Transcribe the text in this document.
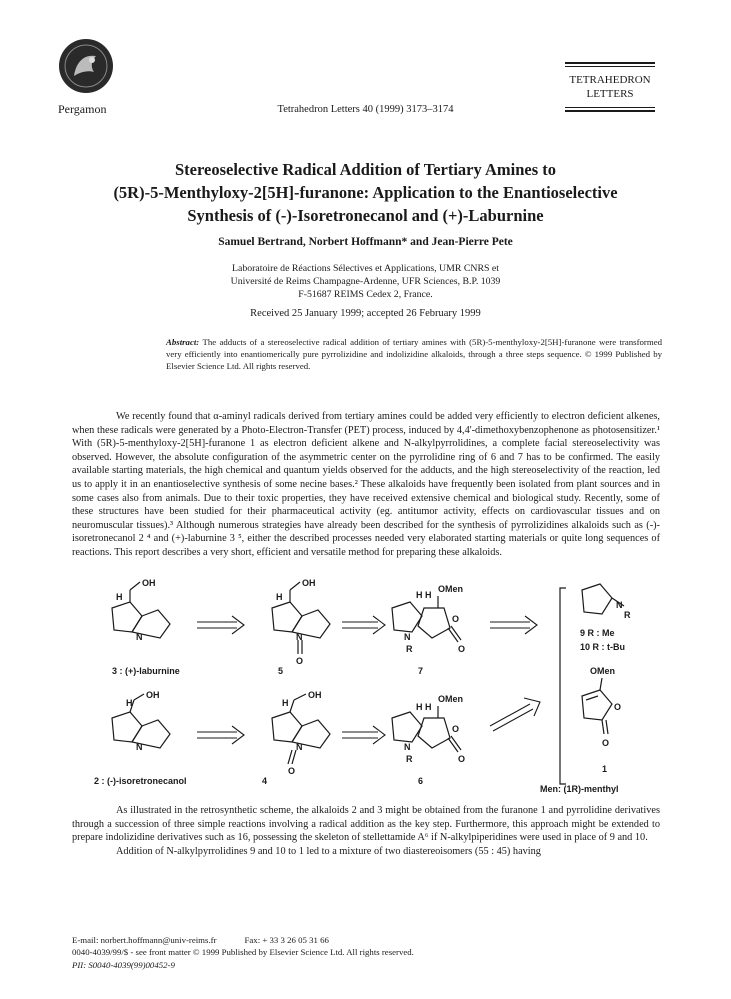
Pergamon	Tetrahedron Letters 40 (1999) 3173–3174
TETRAHEDRON
LETTERS
Stereoselective Radical Addition of Tertiary Amines to
(5R)-5-Menthyloxy-2[5H]-furanone: Application to the Enantioselective
Synthesis of (-)-Isoretronecanol and (+)-Laburnine
Samuel Bertrand, Norbert Hoffmann* and Jean-Pierre Pete
Laboratoire de Réactions Sélectives et Applications, UMR CNRS et
Université de Reims Champagne-Ardenne, UFR Sciences, B.P. 1039
F-51687 REIMS Cedex 2, France.
Received 25 January 1999; accepted 26 February 1999
Abstract: The adducts of a stereoselective radical addition of tertiary amines with (5R)-5-menthyloxy-2[5H]-furanone were transformed very efficiently into enantiomerically pure pyrrolizidine and indolizidine alkaloids, through a three steps sequence. © 1999 Published by Elsevier Science Ltd. All rights reserved.
We recently found that α-aminyl radicals derived from tertiary amines could be added very efficiently to electron deficient alkenes, when these radicals were generated by a Photo-Electron-Transfer (PET) process, induced by 4,4'-dimethoxybenzophenone as photosensitizer.¹ With (5R)-5-menthyloxy-2[5H]-furanone 1 as electron deficient alkene and N-alkylpyrrolidines, a complete facial stereoselectivity was observed. However, the absolute configuration of the asymmetric center on the pyrrolidine ring of 6 and 7 has to be confirmed. The easily available starting materials, the high chemical and quantum yields observed for the adducts, and the high stereoselectivity of the reaction, led us to apply it in an enantioselective synthesis of some necine bases.² These alkaloids have frequently been isolated from plant sources and in some cases also from animals. Due to their toxic properties, they have received extensive chemical and biological study. Recently, some of these structures have been studied for their pharmaceutical activity (eg. antitumor activity, effects on cardiovascular tissues and on neuromuscular tissues).³ Although numerous strategies have already been described for the synthesis of pyrrolizidines alkaloids such as (-)-isoretronecanol 2 ⁴ and (+)-laburnine 3 ⁵, either the described processes needed very elaborated starting materials or quite long sequences of reactions. This report describes a very short, efficient and versatile method for preparing these alkaloids.
OH
H
N
3 : (+)-laburnine
OH
H
N
2 : (-)-isoretronecanol
OH
H
N
O
5
OH
H
N
O
4
H H
OMen
N
R
O
O
7
H H
OMen
N
R
O
O
6
N
R
9 R : Me
10 R : t-Bu
OMen
O
O
1
Men: (1R)-menthyl
As illustrated in the retrosynthetic scheme, the alkaloids 2 and 3 might be obtained from the furanone 1 and pyrrolidine derivatives through a succession of three simple reactions involving a radical addition as the key step. Furthermore, this approach might be extended to prepare indolizidine derivatives such as 16, possessing the skeleton of stellettamide A⁶ if N-alkylpiperidines were used in place of 9 and 10.
Addition of N-alkylpyrrolidines 9 and 10 to 1 led to a mixture of two diastereoisomers (55 : 45) having
E-mail: norbert.hoffmann@univ-reims.fr	Fax: + 33 3 26 05 31 66
0040-4039/99/$ - see front matter © 1999 Published by Elsevier Science Ltd. All rights reserved.
PII: S0040-4039(99)00452-9
